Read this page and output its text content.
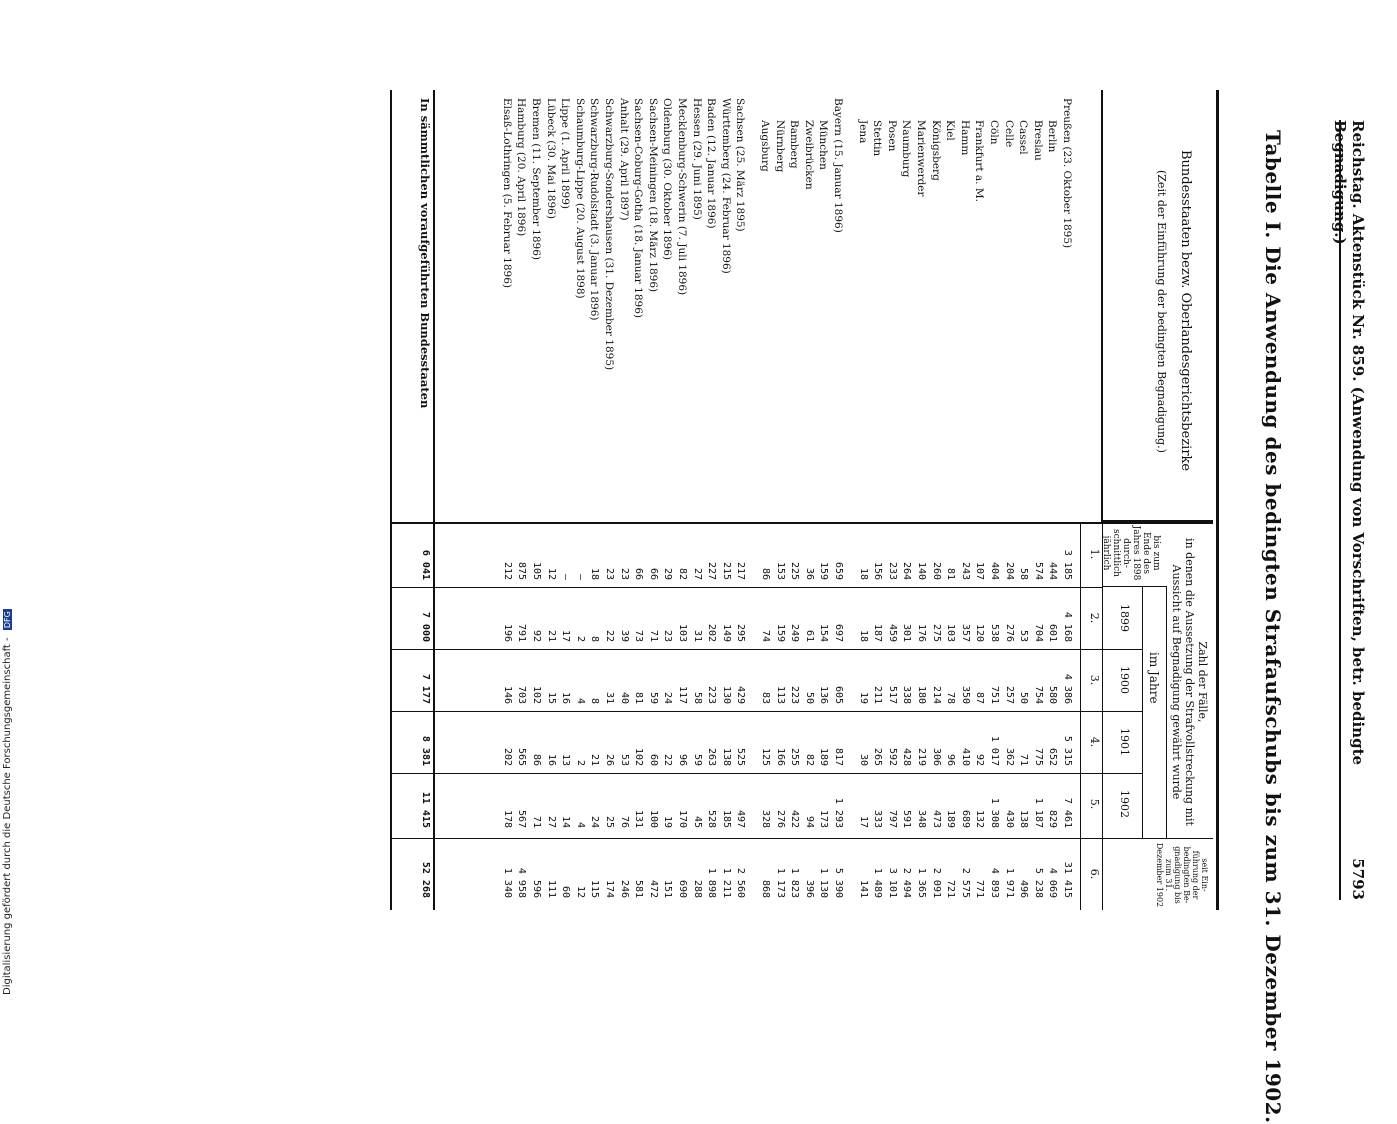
Reichstag. Aktenstück Nr. 859. (Anwendung von Vorschriften, betr. bedingte Begnadigung.)
5793
Tabelle I. Die Anwendung des bedingten Strafaufschubs bis zum 31. Dezember 1902.
Bundesstaaten bezw. Oberlandesgerichtsbezirke
(Zeit der Einführung der bedingten Begnadigung.)
Zahl der Fälle,
in denen die Aussetzung der Strafvollstreckung mit Aussicht auf Begnadigung gewährt wurde
im Jahre
bis zum Ende des Jahres 1898 durch- schnittlich jährlich
1899
1900
1901
1902
seit Ein- führung der bedingten Be- gnadigung bis zum 31. Dezember 1902
1.
2.
3.
4.
5.
6.
Preußen (23. Oktober 1895)
3 185
4 168
4 386
5 315
7 461
31 415
Berlin
444
601
580
652
829
4 069
Breslau
574
704
754
775
1 187
5 238
Cassel
58
53
50
71
138
496
Celle
204
276
257
362
430
1 971
Cöln
404
538
751
1 017
1 308
4 893
Frankfurt a. M.
107
120
87
92
132
771
Hamm
243
357
350
410
689
2 575
Kiel
81
103
78
96
189
721
Königsberg
260
275
214
306
473
2 091
Marienwerder
140
176
180
219
348
1 365
Naumburg
264
301
338
428
591
2 494
Posen
233
459
517
592
797
3 101
Stettin
156
187
211
265
333
1 489
Jena
18
18
19
30
17
141
Bayern (15. Januar 1896)
659
697
605
817
1 293
5 390
München
159
154
136
189
173
1 130
Zweibrücken
36
61
50
82
94
396
Bamberg
225
249
223
255
422
1 823
Nürnberg
153
159
113
166
276
1 173
Augsburg
86
74
83
125
328
868
Sachsen (25. März 1895)
217
295
429
525
497
2 560
Württemberg (24. Februar 1896)
215
149
130
138
185
1 211
Baden (12. Januar 1896)
227
202
223
263
528
1 898
Hessen (29. Juni 1895)
27
31
58
59
45
288
Mecklenburg-Schwerin (7. Juli 1896)
82
103
117
96
170
690
Oldenburg (30. Oktober 1896)
29
23
24
22
19
151
Sachsen-Meiningen (18. März 1896)
66
71
59
60
100
472
Sachsen-Coburg-Gotha (18. Januar 1896)
66
73
81
102
131
581
Anhalt (29. April 1897)
23
39
40
53
76
246
Schwarzburg-Sondershausen (31. Dezember 1895)
23
22
31
26
25
174
Schwarzburg-Rudolstadt (3. Januar 1896)
18
8
8
21
24
115
Schaumburg-Lippe (20. August 1898)
—
2
4
2
4
12
Lippe (1. April 1899)
—
17
16
13
14
60
Lübeck (30. Mai 1896)
12
21
15
16
27
111
Bremen (11. September 1896)
105
92
102
86
71
596
Hamburg (20. April 1896)
875
791
703
565
567
4 958
Elsaß-Lothringen (5. Februar 1896)
212
196
146
202
178
1 340
In sämmtlichen voraufgeführten Bundesstaaten
6 041
7 000
7 177
8 381
11 415
52 268
Digitalisierung gefördert durch die Deutsche Forschungsgemeinschaft - DFG
